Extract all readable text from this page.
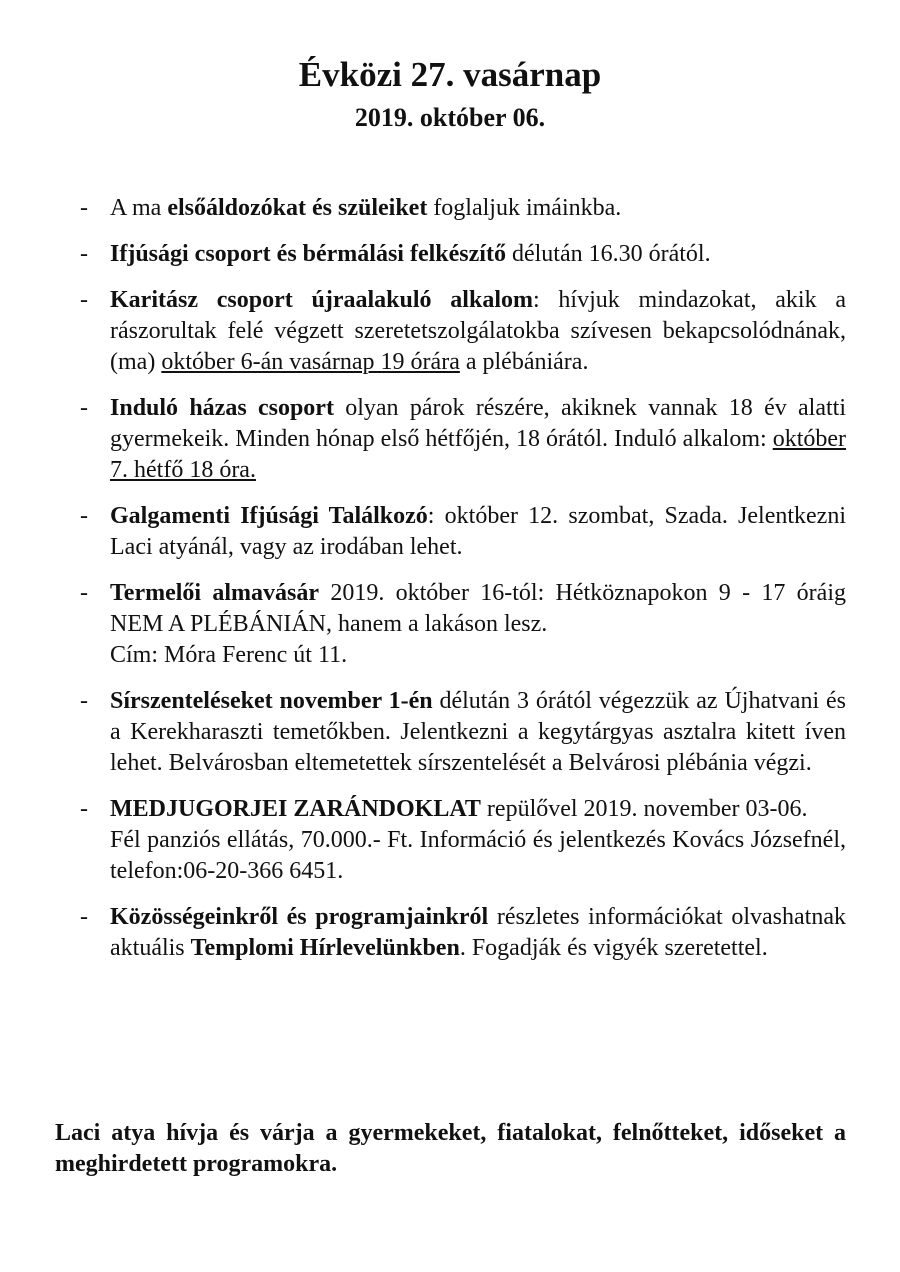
Évközi 27. vasárnap
2019. október 06.
- A ma elsőáldozókat és szüleiket foglaljuk imáinkba.
- Ifjúsági csoport és bérmálási felkészítő délután 16.30 órától.
- Karitász csoport újraalakuló alkalom: hívjuk mindazokat, akik a rászorultak felé végzett szeretetszolgálatokba szívesen bekapcsolódnának, (ma) október 6-án vasárnap 19 órára a plébániára.
- Induló házas csoport olyan párok részére, akiknek vannak 18 év alatti gyermekeik. Minden hónap első hétfőjén, 18 órától. Induló alkalom: október 7. hétfő 18 óra.
- Galgamenti Ifjúsági Találkozó: október 12. szombat, Szada. Jelentkezni Laci atyánál, vagy az irodában lehet.
- Termelői almavásár 2019. október 16-tól: Hétköznapokon 9 - 17 óráig NEM A PLÉBÁNIÁN, hanem a lakáson lesz.
Cím: Móra Ferenc út 11.
- Sírszenteléseket november 1-én délután 3 órától végezzük az Újhatvani és a Kerekharaszti temetőkben. Jelentkezni a kegytárgyas asztalra kitett íven lehet. Belvárosban eltemetettek sírszentelését a Belvárosi plébánia végzi.
- MEDJUGORJEI ZARÁNDOKLAT repülővel 2019. november 03-06.
Fél panziós ellátás, 70.000.- Ft. Információ és jelentkezés Kovács Józsefnél, telefon:06-20-366 6451.
- Közösségeinkről és programjainkról részletes információkat olvashatnak aktuális Templomi Hírlevelünkben. Fogadják és vigyék szeretettel.
Laci atya hívja és várja a gyermekeket, fiatalokat, felnőtteket, időseket a meghirdetett programokra.
